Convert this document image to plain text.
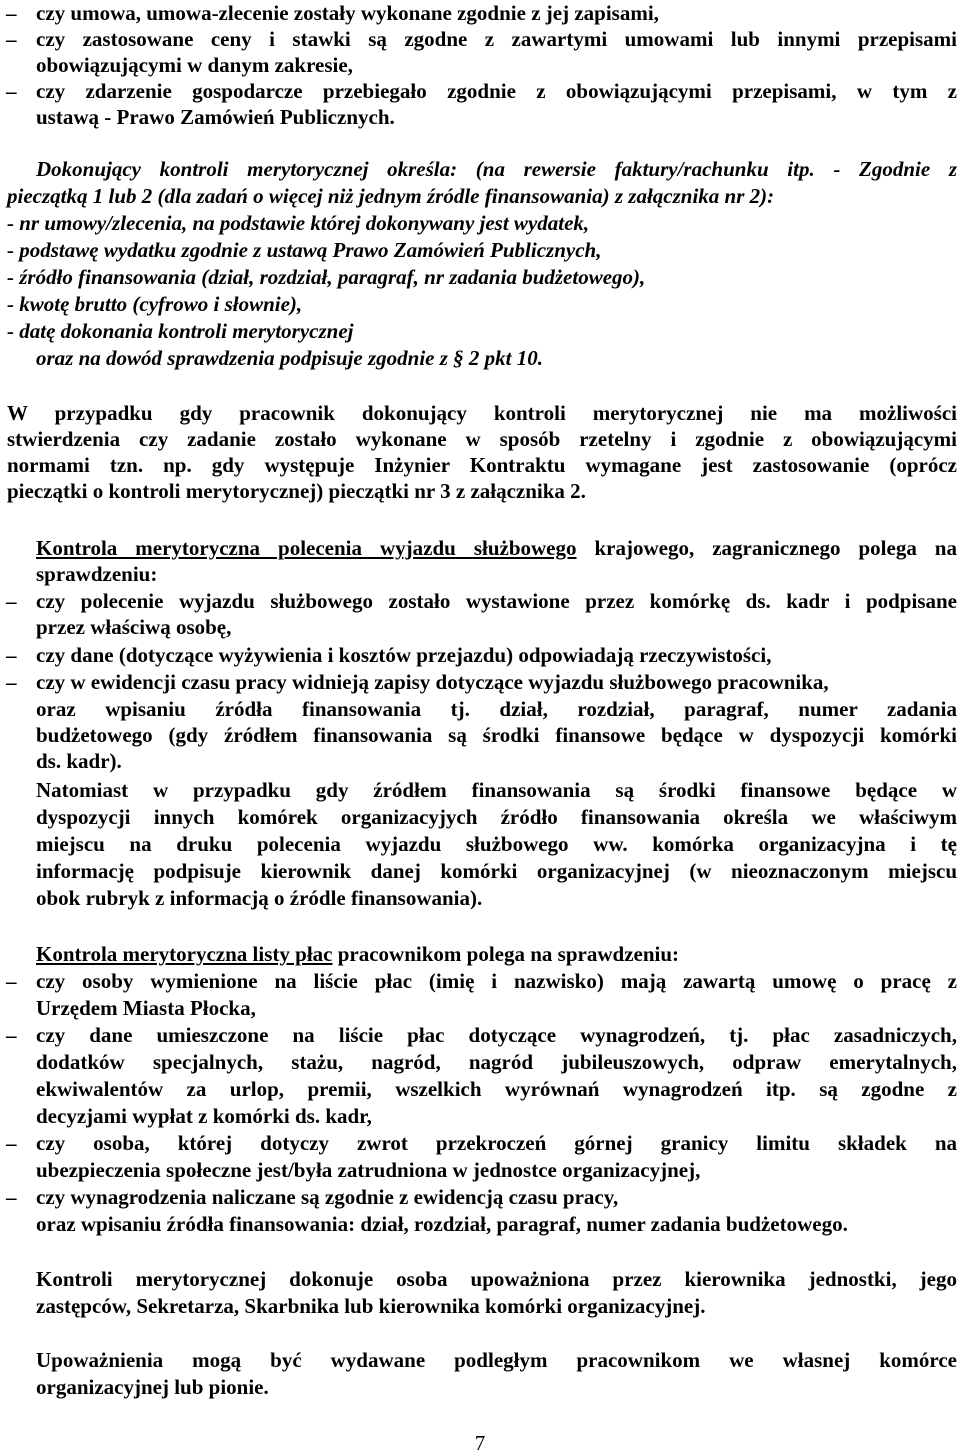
– czy umowa, umowa-zlecenie zostały wykonane zgodnie z jej zapisami,
– czy zastosowane ceny i stawki są zgodne z zawartymi umowami lub innymi przepisami
obowiązującymi w danym zakresie,
– czy zdarzenie gospodarcze przebiegało zgodnie z obowiązującymi przepisami, w tym z
ustawą - Prawo Zamówień Publicznych.
Dokonujący kontroli merytorycznej określa: (na rewersie faktury/rachunku itp. - Zgodnie z
pieczątką 1 lub 2 (dla zadań o więcej niż jednym źródle finansowania) z załącznika nr 2):
- nr umowy/zlecenia, na podstawie której dokonywany jest wydatek,
- podstawę wydatku zgodnie z ustawą Prawo Zamówień Publicznych,
- źródło finansowania (dział, rozdział, paragraf, nr zadania budżetowego),
- kwotę brutto (cyfrowo i słownie),
- datę dokonania kontroli merytorycznej
oraz na dowód sprawdzenia podpisuje zgodnie z § 2 pkt 10.
W przypadku gdy pracownik dokonujący kontroli merytorycznej nie ma możliwości
stwierdzenia czy zadanie zostało wykonane w sposób rzetelny i zgodnie z obowiązującymi
normami tzn. np. gdy występuje Inżynier Kontraktu wymagane jest zastosowanie (oprócz
pieczątki o kontroli merytorycznej) pieczątki nr 3 z załącznika 2.
Kontrola merytoryczna polecenia wyjazdu służbowego krajowego, zagranicznego polega na
sprawdzeniu:
– czy polecenie wyjazdu służbowego zostało wystawione przez komórkę ds. kadr i podpisane
przez właściwą osobę,
– czy dane (dotyczące wyżywienia i kosztów przejazdu) odpowiadają rzeczywistości,
– czy w ewidencji czasu pracy widnieją zapisy dotyczące wyjazdu służbowego pracownika,
oraz wpisaniu źródła finansowania tj. dział, rozdział, paragraf, numer zadania
budżetowego (gdy źródłem finansowania są środki finansowe będące w dyspozycji komórki
ds. kadr).
Natomiast w przypadku gdy źródłem finansowania są środki finansowe będące w
dyspozycji innych komórek organizacyjych źródło finansowania określa we właściwym
miejscu na druku polecenia wyjazdu służbowego ww. komórka organizacyjna i tę
informację podpisuje kierownik danej komórki organizacyjnej (w nieoznaczonym miejscu
obok rubryk z informacją o źródle finansowania).
Kontrola merytoryczna listy płac pracownikom polega na sprawdzeniu:
– czy osoby wymienione na liście płac (imię i nazwisko) mają zawartą umowę o pracę z
Urzędem Miasta Płocka,
– czy dane umieszczone na liście płac dotyczące wynagrodzeń, tj. płac zasadniczych,
dodatków specjalnych, stażu, nagród, nagród jubileuszowych, odpraw emerytalnych,
ekwiwalentów za urlop, premii, wszelkich wyrównań wynagrodzeń itp. są zgodne z
decyzjami wypłat z komórki ds. kadr,
– czy osoba, której dotyczy zwrot przekroczeń górnej granicy limitu składek na
ubezpieczenia społeczne jest/była zatrudniona w jednostce organizacyjnej,
– czy wynagrodzenia naliczane są zgodnie z ewidencją czasu pracy,
oraz wpisaniu źródła finansowania: dział, rozdział, paragraf, numer zadania budżetowego.
Kontroli merytorycznej dokonuje osoba upoważniona przez kierownika jednostki, jego
zastępców, Sekretarza, Skarbnika lub kierownika komórki organizacyjnej.
Upoważnienia mogą być wydawane podległym pracownikom we własnej komórce
organizacyjnej lub pionie.
7
